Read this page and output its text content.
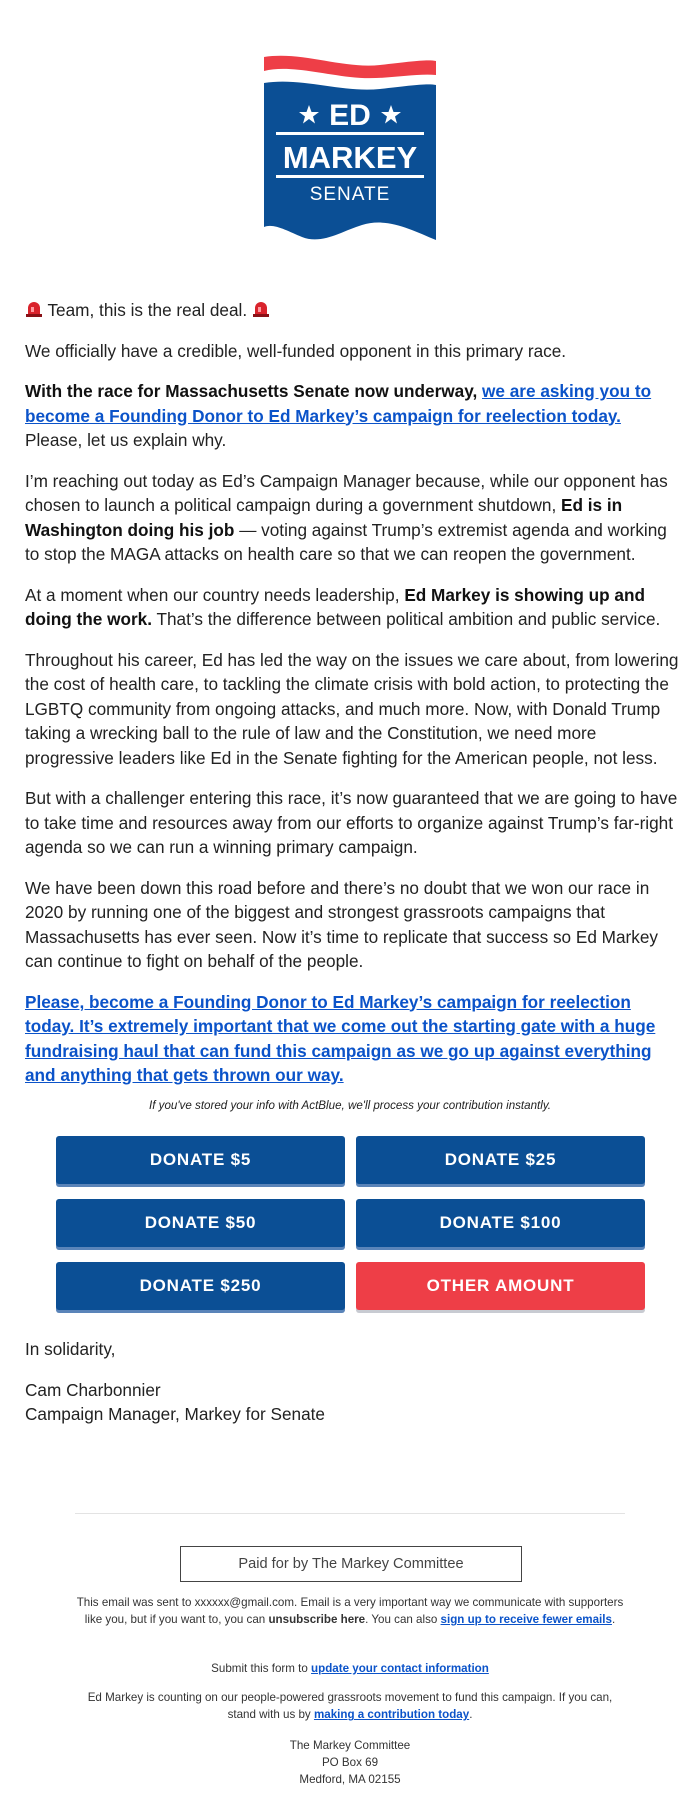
ED
MARKEY
SENATE

Team, this is the real deal.

We officially have a credible, well-funded opponent in this primary race.

With the race for Massachusetts Senate now underway, we are asking you to become a Founding Donor to Ed Markey’s campaign for reelection today. Please, let us explain why.

I’m reaching out today as Ed’s Campaign Manager because, while our opponent has chosen to launch a political campaign during a government shutdown, Ed is in Washington doing his job — voting against Trump’s extremist agenda and working to stop the MAGA attacks on health care so that we can reopen the government.

At a moment when our country needs leadership, Ed Markey is showing up and doing the work. That’s the difference between political ambition and public service.

Throughout his career, Ed has led the way on the issues we care about, from lowering the cost of health care, to tackling the climate crisis with bold action, to protecting the LGBTQ community from ongoing attacks, and much more. Now, with Donald Trump taking a wrecking ball to the rule of law and the Constitution, we need more progressive leaders like Ed in the Senate fighting for the American people, not less.

But with a challenger entering this race, it’s now guaranteed that we are going to have to take time and resources away from our efforts to organize against Trump’s far-right agenda so we can run a winning primary campaign.

We have been down this road before and there’s no doubt that we won our race in 2020 by running one of the biggest and strongest grassroots campaigns that Massachusetts has ever seen. Now it’s time to replicate that success so Ed Markey can continue to fight on behalf of the people.

Please, become a Founding Donor to Ed Markey’s campaign for reelection today. It’s extremely important that we come out the starting gate with a huge fundraising haul that can fund this campaign as we go up against everything and anything that gets thrown our way.

If you've stored your info with ActBlue, we'll process your contribution instantly.
DONATE $5	DONATE $25
DONATE $50	DONATE $100
DONATE $250	OTHER AMOUNT

In solidarity,

Cam Charbonnier
Campaign Manager, Markey for Senate
Paid for by The Markey Committee
This email was sent to xxxxxx@gmail.com. Email is a very important way we communicate with supporters like you, but if you want to, you can unsubscribe here. You can also sign up to receive fewer emails.
Submit this form to update your contact information
Ed Markey is counting on our people-powered grassroots movement to fund this campaign. If you can, stand with us by making a contribution today.
The Markey Committee
PO Box 69
Medford, MA 02155
